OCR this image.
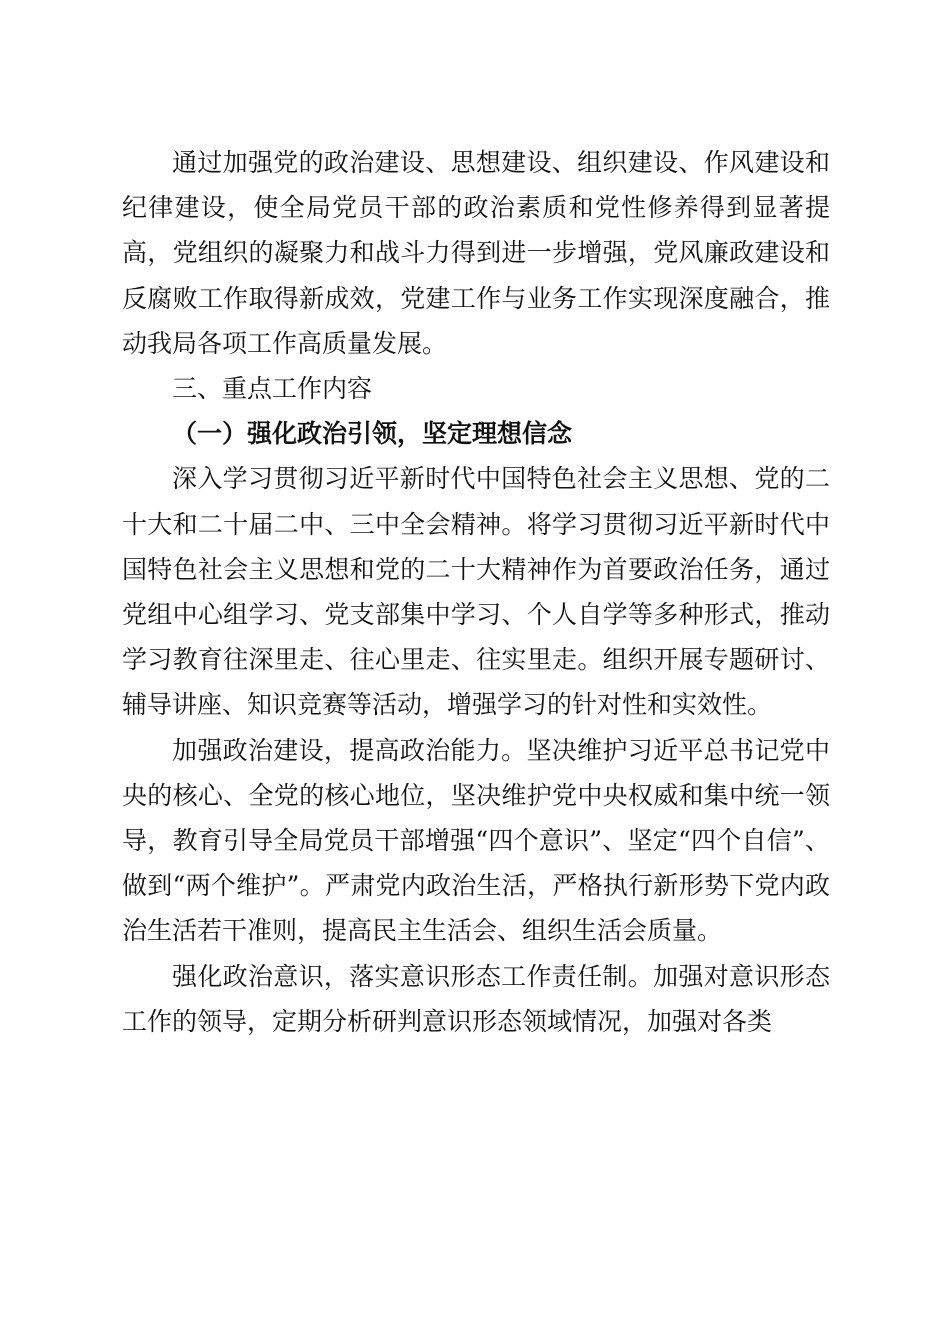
通过加强党的政治建设、思想建设、组织建设、作风建设和纪律建设，使全局党员干部的政治素质和党性修养得到显著提高，党组织的凝聚力和战斗力得到进一步增强，党风廉政建设和反腐败工作取得新成效，党建工作与业务工作实现深度融合，推动我局各项工作高质量发展。

三、重点工作内容
（一）强化政治引领，坚定理想信念

深入学习贯彻习近平新时代中国特色社会主义思想、党的二十大和二十届二中、三中全会精神。将学习贯彻习近平新时代中国特色社会主义思想和党的二十大精神作为首要政治任务，通过党组中心组学习、党支部集中学习、个人自学等多种形式，推动学习教育往深里走、往心里走、往实里走。组织开展专题研讨、辅导讲座、知识竞赛等活动，增强学习的针对性和实效性。

加强政治建设，提高政治能力。坚决维护习近平总书记党中央的核心、全党的核心地位，坚决维护党中央权威和集中统一领导，教育引导全局党员干部增强“四个意识”、坚定“四个自信”、做到“两个维护”。严肃党内政治生活，严格执行新形势下党内政治生活若干准则，提高民主生活会、组织生活会质量。

强化政治意识，落实意识形态工作责任制。加强对意识形态工作的领导，定期分析研判意识形态领域情况，加强对各类
